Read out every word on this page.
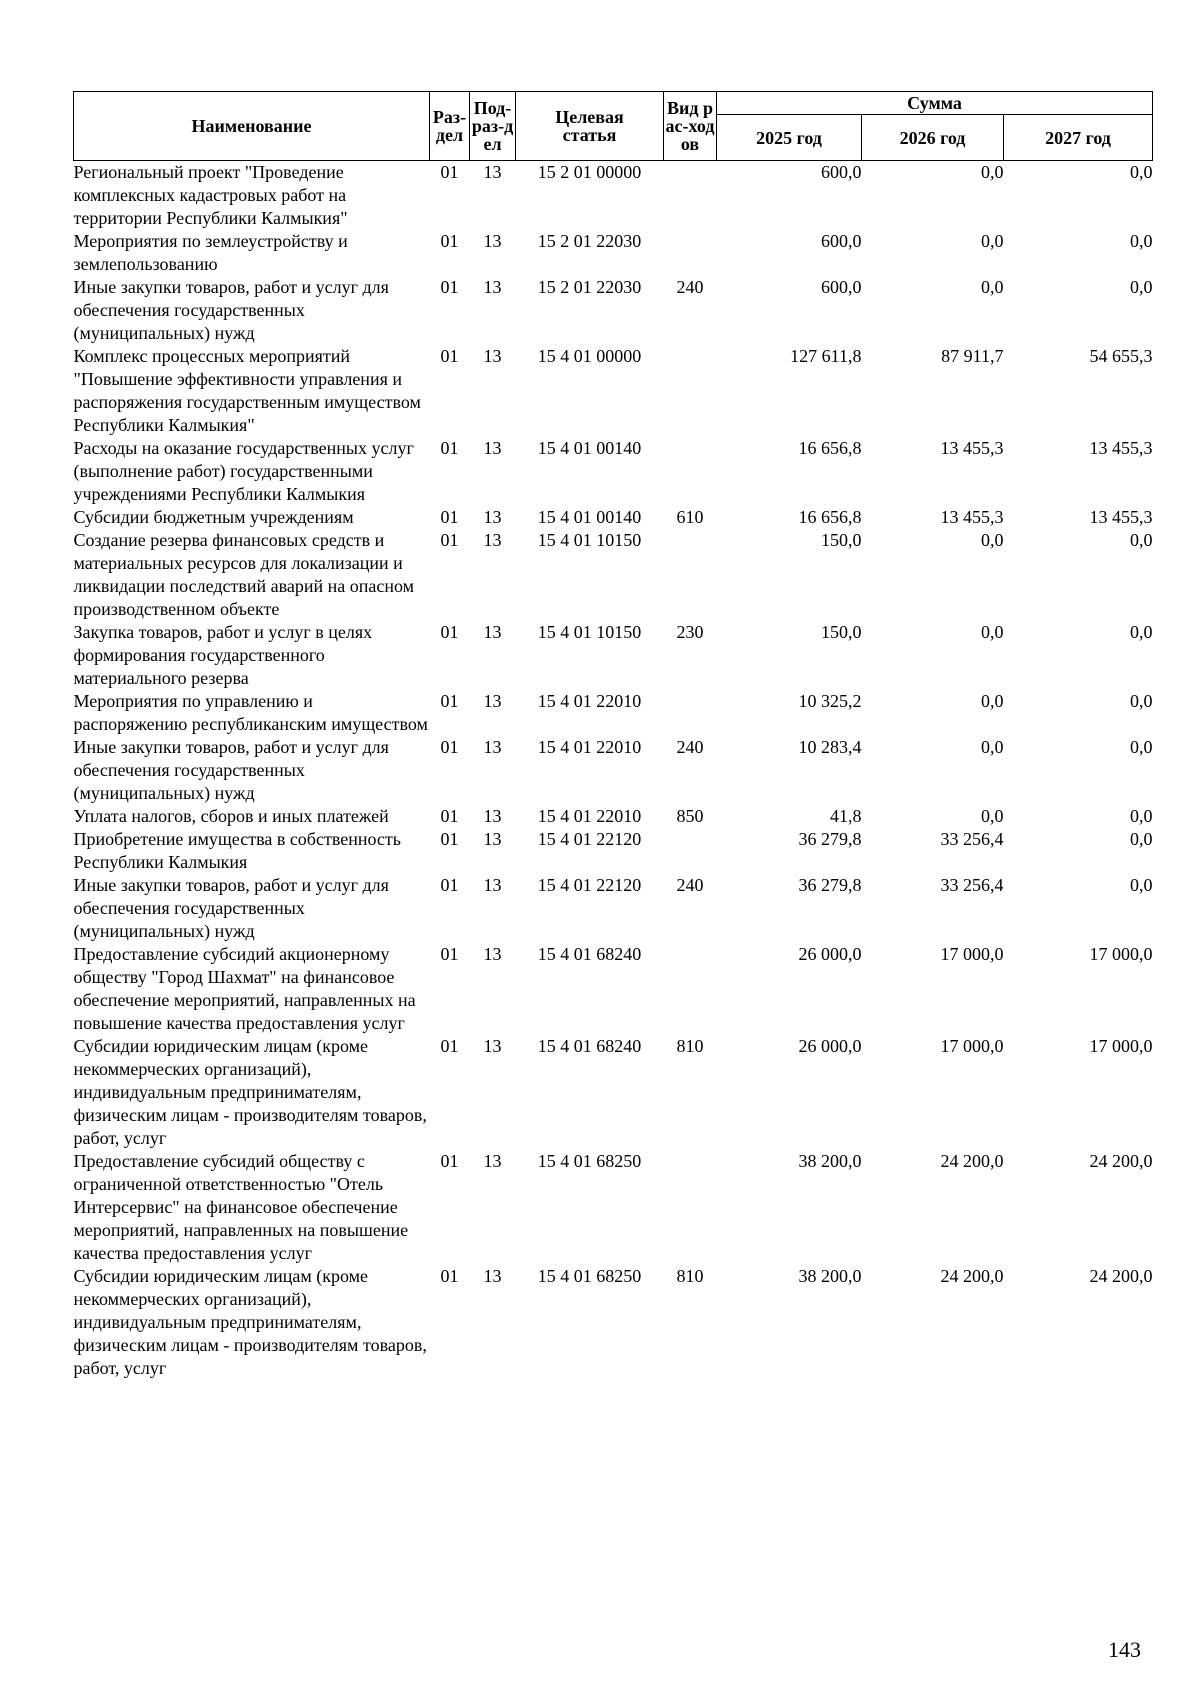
Наименование	Раз-дел	Под-раз-дел	Целевая статья	Вид рас-ходов	Сумма		
					2025 год	2026 год	2027 год
Региональный проект "Проведение комплексных кадастровых работ на территории Республики Калмыкия"	01	13	15 2 01 00000		600,0	0,0	0,0
Мероприятия по землеустройству и землепользованию	01	13	15 2 01 22030		600,0	0,0	0,0
Иные закупки товаров, работ и услуг для обеспечения государственных (муниципальных) нужд	01	13	15 2 01 22030	240	600,0	0,0	0,0
Комплекс процессных мероприятий "Повышение эффективности управления и распоряжения государственным имуществом Республики Калмыкия"	01	13	15 4 01 00000		127 611,8	87 911,7	54 655,3
Расходы на оказание государственных услуг (выполнение работ) государственными учреждениями Республики Калмыкия	01	13	15 4 01 00140		16 656,8	13 455,3	13 455,3
Субсидии бюджетным учреждениям	01	13	15 4 01 00140	610	16 656,8	13 455,3	13 455,3
Создание резерва финансовых средств и материальных ресурсов для локализации и ликвидации последствий аварий на опасном производственном объекте	01	13	15 4 01 10150		150,0	0,0	0,0
Закупка товаров, работ и услуг в целях формирования государственного материального резерва	01	13	15 4 01 10150	230	150,0	0,0	0,0
Мероприятия по управлению и распоряжению республиканским имуществом	01	13	15 4 01 22010		10 325,2	0,0	0,0
Иные закупки товаров, работ и услуг для обеспечения государственных (муниципальных) нужд	01	13	15 4 01 22010	240	10 283,4	0,0	0,0
Уплата налогов, сборов и иных платежей	01	13	15 4 01 22010	850	41,8	0,0	0,0
Приобретение имущества в собственность Республики Калмыкия	01	13	15 4 01 22120		36 279,8	33 256,4	0,0
Иные закупки товаров, работ и услуг для обеспечения государственных (муниципальных) нужд	01	13	15 4 01 22120	240	36 279,8	33 256,4	0,0
Предоставление субсидий акционерному обществу "Город Шахмат" на финансовое обеспечение мероприятий, направленных на повышение качества предоставления услуг	01	13	15 4 01 68240		26 000,0	17 000,0	17 000,0
Субсидии юридическим лицам (кроме некоммерческих организаций), индивидуальным предпринимателям, физическим лицам - производителям товаров, работ, услуг	01	13	15 4 01 68240	810	26 000,0	17 000,0	17 000,0
Предоставление субсидий обществу с ограниченной ответственностью "Отель Интерсервис" на финансовое обеспечение мероприятий, направленных на повышение качества предоставления услуг	01	13	15 4 01 68250		38 200,0	24 200,0	24 200,0
Субсидии юридическим лицам (кроме некоммерческих организаций), индивидуальным предпринимателям, физическим лицам - производителям товаров, работ, услуг	01	13	15 4 01 68250	810	38 200,0	24 200,0	24 200,0
143
